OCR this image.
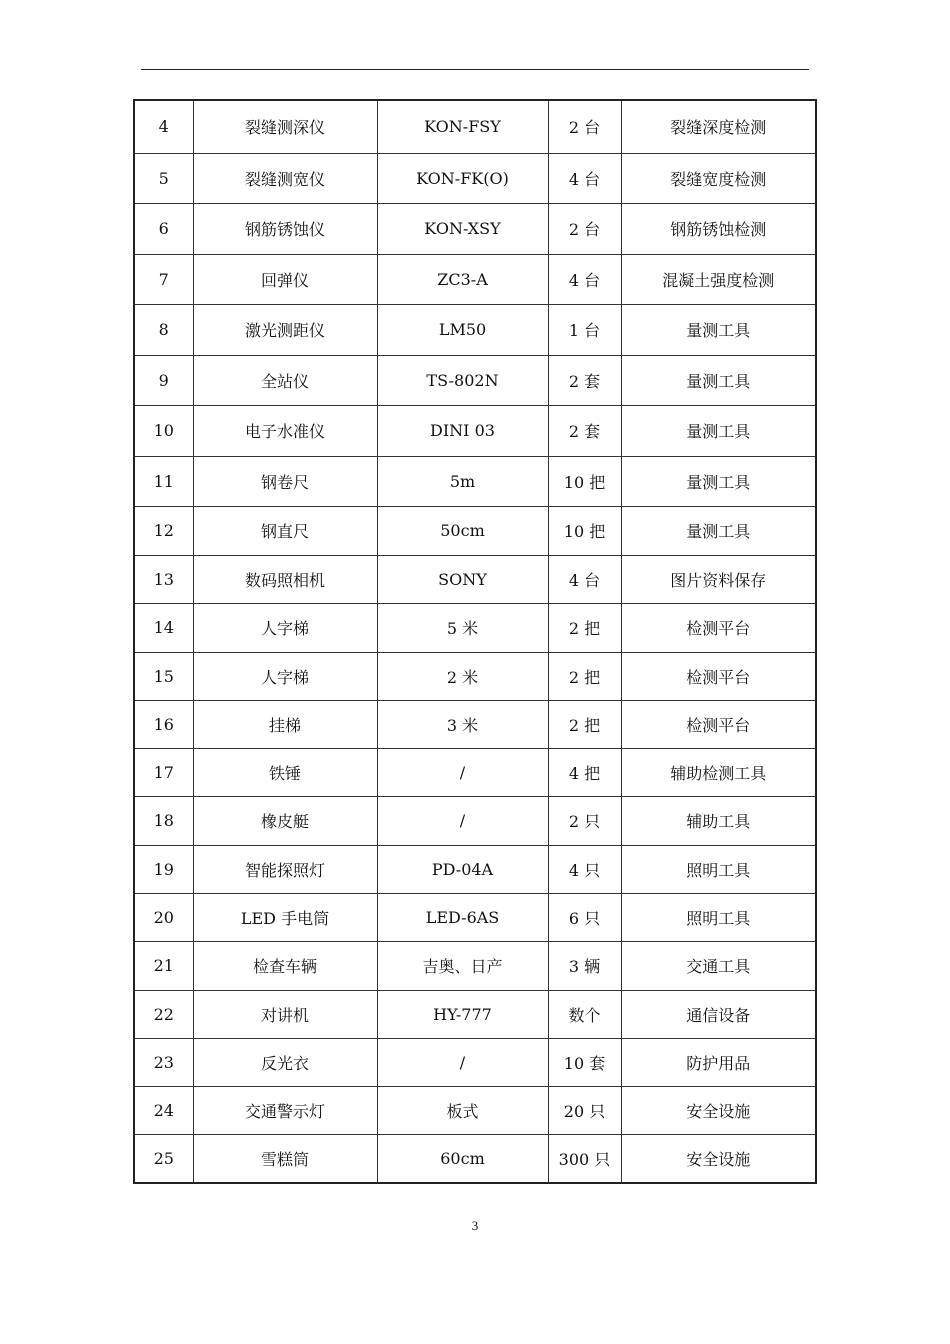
4	裂缝测深仪	KON-FSY	2 台	裂缝深度检测
5	裂缝测宽仪	KON-FK(O)	4 台	裂缝宽度检测
6	钢筋锈蚀仪	KON-XSY	2 台	钢筋锈蚀检测
7	回弹仪	ZC3-A	4 台	混凝土强度检测
8	激光测距仪	LM50	1 台	量测工具
9	全站仪	TS-802N	2 套	量测工具
10	电子水准仪	DINI 03	2 套	量测工具
11	钢卷尺	5m	10 把	量测工具
12	钢直尺	50cm	10 把	量测工具
13	数码照相机	SONY	4 台	图片资料保存
14	人字梯	5 米	2 把	检测平台
15	人字梯	2 米	2 把	检测平台
16	挂梯	3 米	2 把	检测平台
17	铁锤	/	4 把	辅助检测工具
18	橡皮艇	/	2 只	辅助工具
19	智能探照灯	PD-04A	4 只	照明工具
20	LED 手电筒	LED-6AS	6 只	照明工具
21	检查车辆	吉奥、日产	3 辆	交通工具
22	对讲机	HY-777	数个	通信设备
23	反光衣	/	10 套	防护用品
24	交通警示灯	板式	20 只	安全设施
25	雪糕筒	60cm	300 只	安全设施
3
